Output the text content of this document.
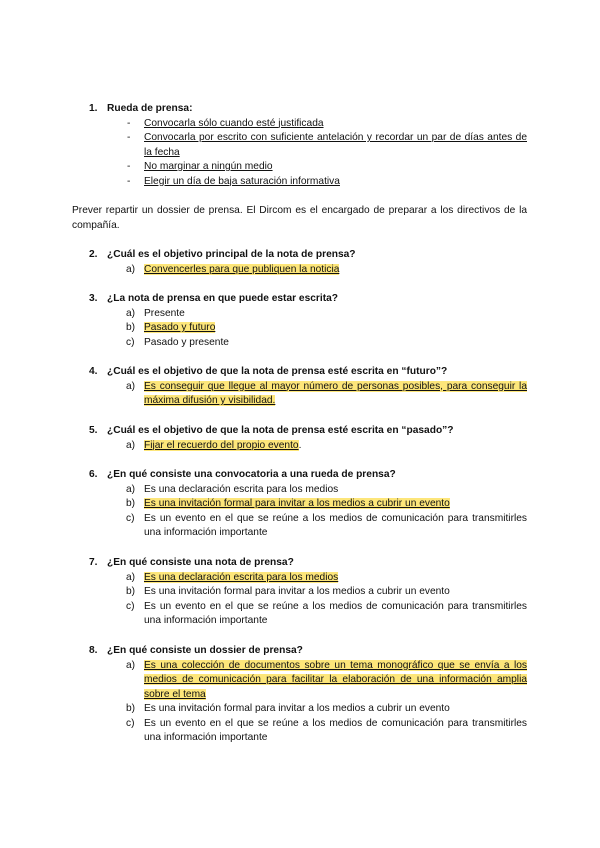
1. Rueda de prensa:
- Convocarla sólo cuando esté justificada
- Convocarla por escrito con suficiente antelación y recordar un par de días antes de la fecha
- No marginar a ningún medio
- Elegir un día de baja saturación informativa
Prever repartir un dossier de prensa. El Dircom es el encargado de preparar a los directivos de la compañía.
2. ¿Cuál es el objetivo principal de la nota de prensa?
a) Convencerles para que publiquen la noticia
3. ¿La nota de prensa en que puede estar escrita?
a) Presente
b) Pasado y futuro
c) Pasado y presente
4. ¿Cuál es el objetivo de que la nota de prensa esté escrita en “futuro”?
a) Es conseguir que llegue al mayor número de personas posibles, para conseguir la máxima difusión y visibilidad.
5. ¿Cuál es el objetivo de que la nota de prensa esté escrita en “pasado”?
a) Fijar el recuerdo del propio evento.
6. ¿En qué consiste una convocatoria a una rueda de prensa?
a) Es una declaración escrita para los medios
b) Es una invitación formal para invitar a los medios a cubrir un evento
c) Es un evento en el que se reúne a los medios de comunicación para transmitirles una información importante
7. ¿En qué consiste una nota de prensa?
a) Es una declaración escrita para los medios
b) Es una invitación formal para invitar a los medios a cubrir un evento
c) Es un evento en el que se reúne a los medios de comunicación para transmitirles una información importante
8. ¿En qué consiste un dossier de prensa?
a) Es una colección de documentos sobre un tema monográfico que se envía a los medios de comunicación para facilitar la elaboración de una información amplia sobre el tema
b) Es una invitación formal para invitar a los medios a cubrir un evento
c) Es un evento en el que se reúne a los medios de comunicación para transmitirles una información importante
